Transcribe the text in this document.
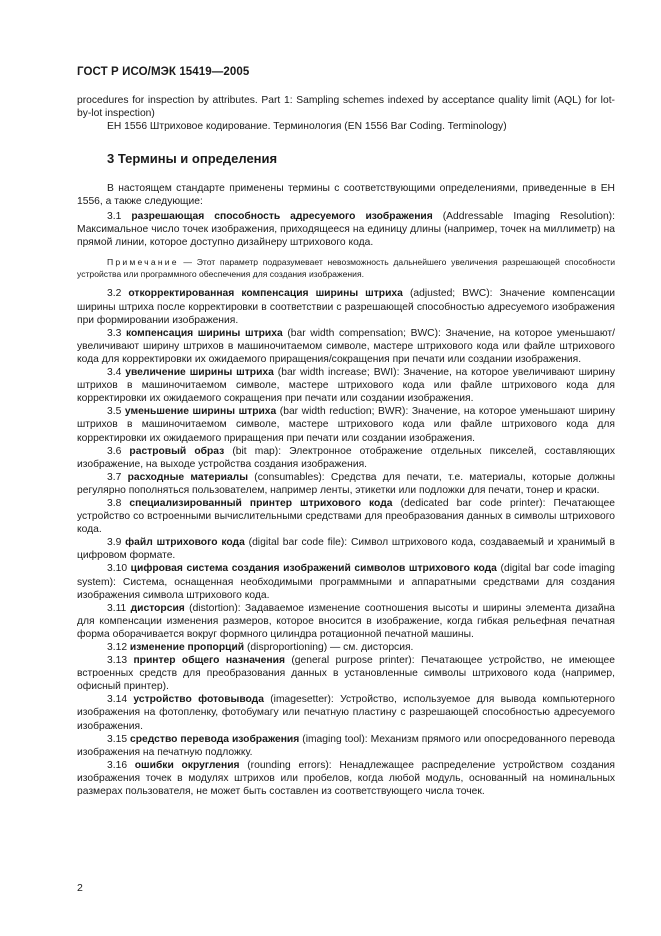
ГОСТ Р ИСО/МЭК 15419—2005

procedures for inspection by attributes. Part 1: Sampling schemes indexed by acceptance quality limit (AQL) for lot-by-lot inspection)

ЕН 1556 Штриховое кодирование. Терминология (EN 1556 Bar Coding. Terminology)

3 Термины и определения

В настоящем стандарте применены термины с соответствующими определениями, приведенные в ЕН 1556, а также следующие:

3.1 разрешающая способность адресуемого изображения (Addressable Imaging Resolution): Максимальное число точек изображения, приходящееся на единицу длины (например, точек на миллиметр) на прямой линии, которое доступно дизайнеру штрихового кода.

Примечание — Этот параметр подразумевает невозможность дальнейшего увеличения разрешающей способности устройства или программного обеспечения для создания изображения.

3.2 откорректированная компенсация ширины штриха (adjusted; BWC): Значение компенсации ширины штриха после корректировки в соответствии с разрешающей способностью адресуемого изображения при формировании изображения.

3.3 компенсация ширины штриха (bar width compensation; BWC): Значение, на которое уменьшают/увеличивают ширину штрихов в машиночитаемом символе, мастере штрихового кода или файле штрихового кода для корректировки их ожидаемого приращения/сокращения при печати или создании изображения.

3.4 увеличение ширины штриха (bar width increase; BWI): Значение, на которое увеличивают ширину штрихов в машиночитаемом символе, мастере штрихового кода или файле штрихового кода для корректировки их ожидаемого сокращения при печати или создании изображения.

3.5 уменьшение ширины штриха (bar width reduction; BWR): Значение, на которое уменьшают ширину штрихов в машиночитаемом символе, мастере штрихового кода или файле штрихового кода для корректировки их ожидаемого приращения при печати или создании изображения.

3.6 растровый образ (bit map): Электронное отображение отдельных пикселей, составляющих изображение, на выходе устройства создания изображения.

3.7 расходные материалы (consumables): Средства для печати, т.е. материалы, которые должны регулярно пополняться пользователем, например ленты, этикетки или подложки для печати, тонер и краски.

3.8 специализированный принтер штрихового кода (dedicated bar code printer): Печатающее устройство со встроенными вычислительными средствами для преобразования данных в символы штрихового кода.

3.9 файл штрихового кода (digital bar code file): Символ штрихового кода, создаваемый и хранимый в цифровом формате.

3.10 цифровая система создания изображений символов штрихового кода (digital bar code imaging system): Система, оснащенная необходимыми программными и аппаратными средствами для создания изображения символа штрихового кода.

3.11 дисторсия (distortion): Задаваемое изменение соотношения высоты и ширины элемента дизайна для компенсации изменения размеров, которое вносится в изображение, когда гибкая рельефная печатная форма оборачивается вокруг формного цилиндра ротационной печатной машины.

3.12 изменение пропорций (disproportioning) — см. дисторсия.

3.13 принтер общего назначения (general purpose printer): Печатающее устройство, не имеющее встроенных средств для преобразования данных в установленные символы штрихового кода (например, офисный принтер).

3.14 устройство фотовывода (imagesetter): Устройство, используемое для вывода компьютерного изображения на фотопленку, фотобумагу или печатную пластину с разрешающей способностью адресуемого изображения.

3.15 средство перевода изображения (imaging tool): Механизм прямого или опосредованного перевода изображения на печатную подложку.

3.16 ошибки округления (rounding errors): Ненадлежащее распределение устройством создания изображения точек в модулях штрихов или пробелов, когда любой модуль, основанный на номинальных размерах пользователя, не может быть составлен из соответствующего числа точек.

2
